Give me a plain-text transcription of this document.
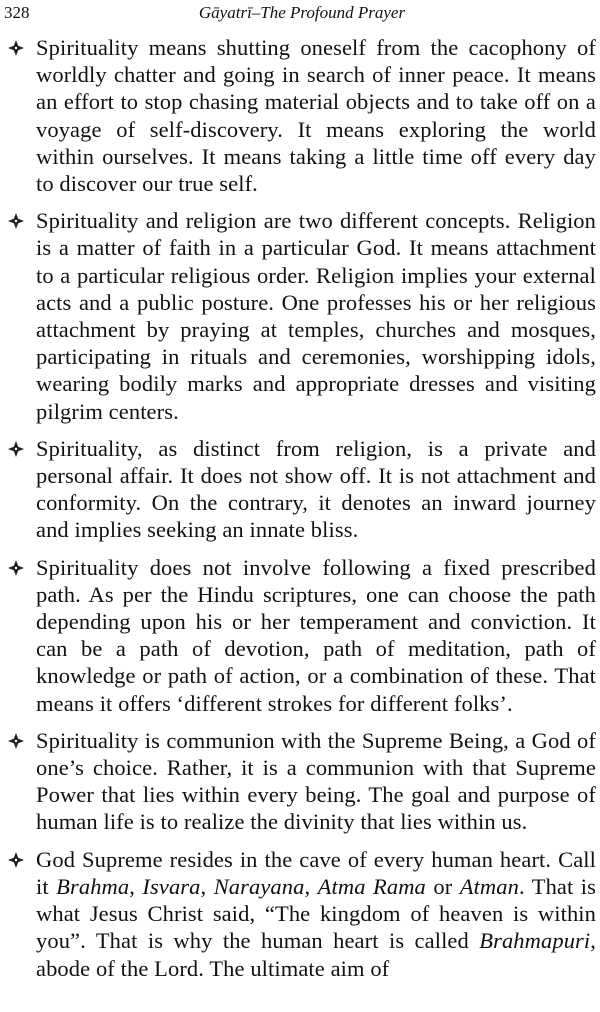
328	Gāyatrī–The Profound Prayer
Spirituality means shutting oneself from the cacophony of worldly chatter and going in search of inner peace. It means an effort to stop chasing material objects and to take off on a voyage of self-discovery. It means exploring the world within ourselves. It means taking a little time off every day to discover our true self.
Spirituality and religion are two different concepts. Religion is a matter of faith in a particular God. It means attachment to a particular religious order. Religion implies your external acts and a public posture. One professes his or her religious attachment by praying at temples, churches and mosques, participating in rituals and ceremonies, worshipping idols, wearing bodily marks and appropriate dresses and visiting pilgrim centers.
Spirituality, as distinct from religion, is a private and personal affair. It does not show off. It is not attachment and conformity. On the contrary, it denotes an inward journey and implies seeking an innate bliss.
Spirituality does not involve following a fixed prescribed path. As per the Hindu scriptures, one can choose the path depending upon his or her temperament and conviction. It can be a path of devotion, path of meditation, path of knowledge or path of action, or a combination of these. That means it offers ‘different strokes for different folks’.
Spirituality is communion with the Supreme Being, a God of one’s choice. Rather, it is a communion with that Supreme Power that lies within every being. The goal and purpose of human life is to realize the divinity that lies within us.
God Supreme resides in the cave of every human heart. Call it Brahma, Isvara, Narayana, Atma Rama or Atman. That is what Jesus Christ said, “The kingdom of heaven is within you”. That is why the human heart is called Brahmapuri, abode of the Lord. The ultimate aim of
